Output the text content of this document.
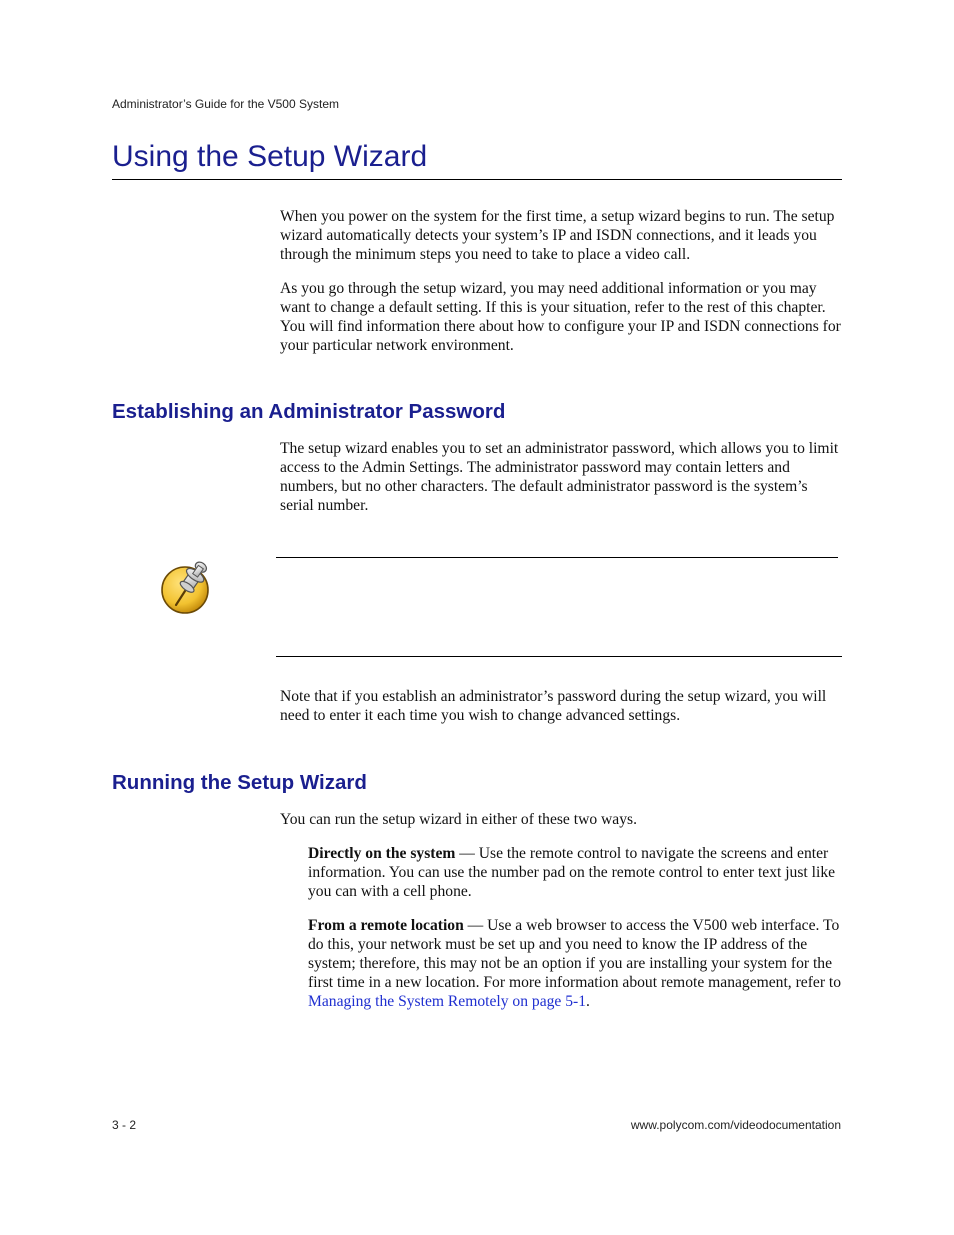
Administrator’s Guide for the V500 System
Using the Setup Wizard

When you power on the system for the first time, a setup wizard begins to run. The setup wizard automatically detects your system’s IP and ISDN connections, and it leads you through the minimum steps you need to take to place a video call.

As you go through the setup wizard, you may need additional information or you may want to change a default setting. If this is your situation, refer to the rest of this chapter. You will find information there about how to configure your IP and ISDN connections for your particular network environment.

Establishing an Administrator Password

The setup wizard enables you to set an administrator password, which allows you to limit access to the Admin Settings. The administrator password may contain letters and numbers, but no other characters. The default administrator password is the system’s serial number.

Note that if you establish an administrator’s password during the setup wizard, you will need to enter it each time you wish to change advanced settings.

Running the Setup Wizard

You can run the setup wizard in either of these two ways.

Directly on the system — Use the remote control to navigate the screens and enter information. You can use the number pad on the remote control to enter text just like you can with a cell phone.

From a remote location — Use a web browser to access the V500 web interface. To do this, your network must be set up and you need to know the IP address of the system; therefore, this may not be an option if you are installing your system for the first time in a new location. For more information about remote management, refer to Managing the System Remotely on page 5-1.

3 - 2	www.polycom.com/videodocumentation
